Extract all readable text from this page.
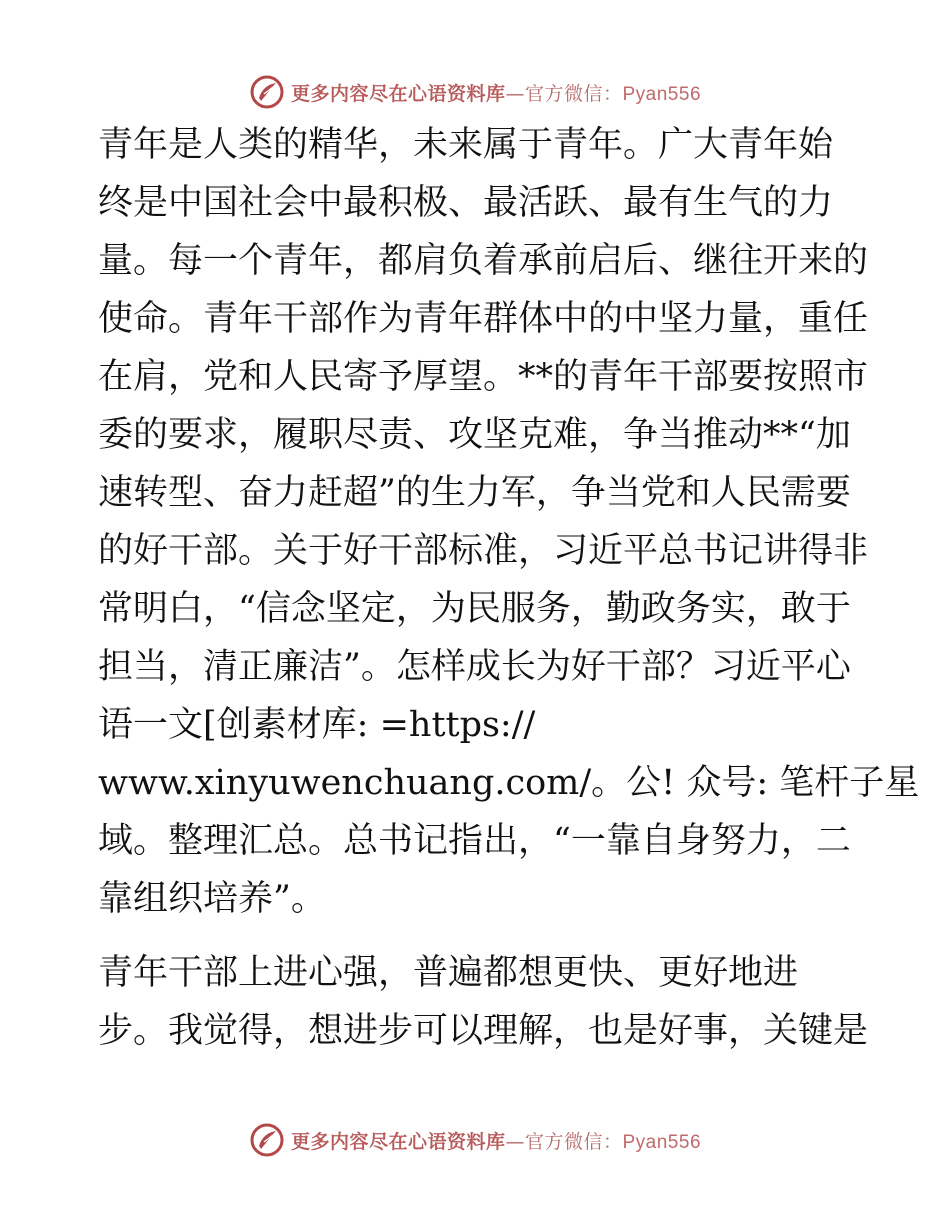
更多内容尽在心语资料库—官方微信：Pyan556

青年是人类的精华，未来属于青年。广大青年始
终是中国社会中最积极、最活跃、最有生气的力
量。每一个青年，都肩负着承前启后、继往开来的
使命。青年干部作为青年群体中的中坚力量，重任
在肩，党和人民寄予厚望。**的青年干部要按照市
委的要求，履职尽责、攻坚克难，争当推动**“加
速转型、奋力赶超”的生力军，争当党和人民需要
的好干部。关于好干部标准，习近平总书记讲得非
常明白，“信念坚定，为民服务，勤政务实，敢于
担当，清正廉洁”。怎样成长为好干部？习近平心
语一文[创素材库: =https://
www.xinyuwenchuang.com/。公! 众号: 笔杆子星
域。整理汇总。总书记指出，“一靠自身努力，二
靠组织培养”。

青年干部上进心强，普遍都想更快、更好地进
步。我觉得，想进步可以理解，也是好事，关键是

更多内容尽在心语资料库—官方微信：Pyan556
